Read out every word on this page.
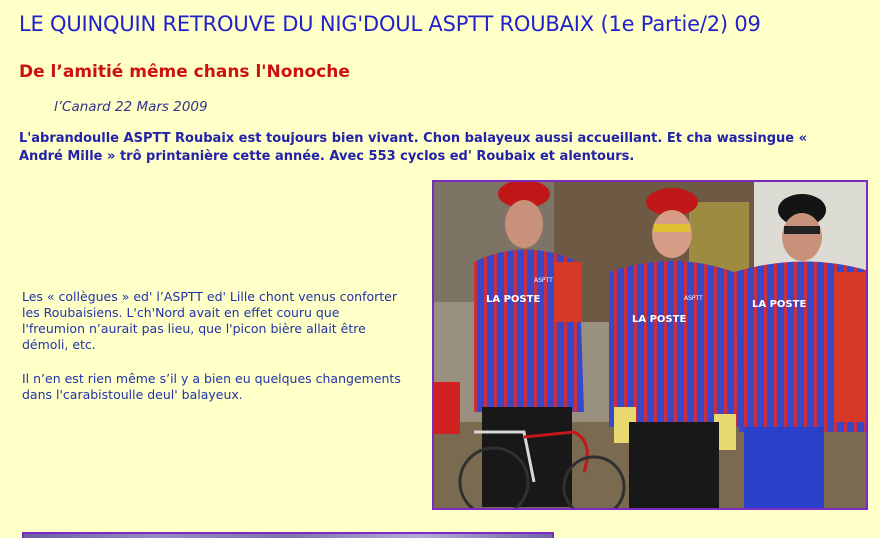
LE QUINQUIN RETROUVE DU NIG'DOUL ASPTT ROUBAIX (1e Partie/2) 09
De l’amitié même chans l'Nonoche
l’Canard 22 Mars 2009
L'abrandoulle ASPTT Roubaix est toujours bien vivant. Chon balayeux aussi accueillant. Et cha wassingue « André Mille » trô printanière cette année. Avec 553 cyclos ed' Roubaix et alentours.
Les « collègues » ed' l’ASPTT ed' Lille chont venus conforter les Roubaisiens. L'ch'Nord avait en effet couru que l'freumion n’aurait pas lieu, que l'picon bière allait être démoli, etc.
Il n’en est rien même s’il y a bien eu quelques changements dans l'carabistoulle deul' balayeux.
LA POSTE
ASPTT
LA POSTE
ASPTT
LA POSTE
